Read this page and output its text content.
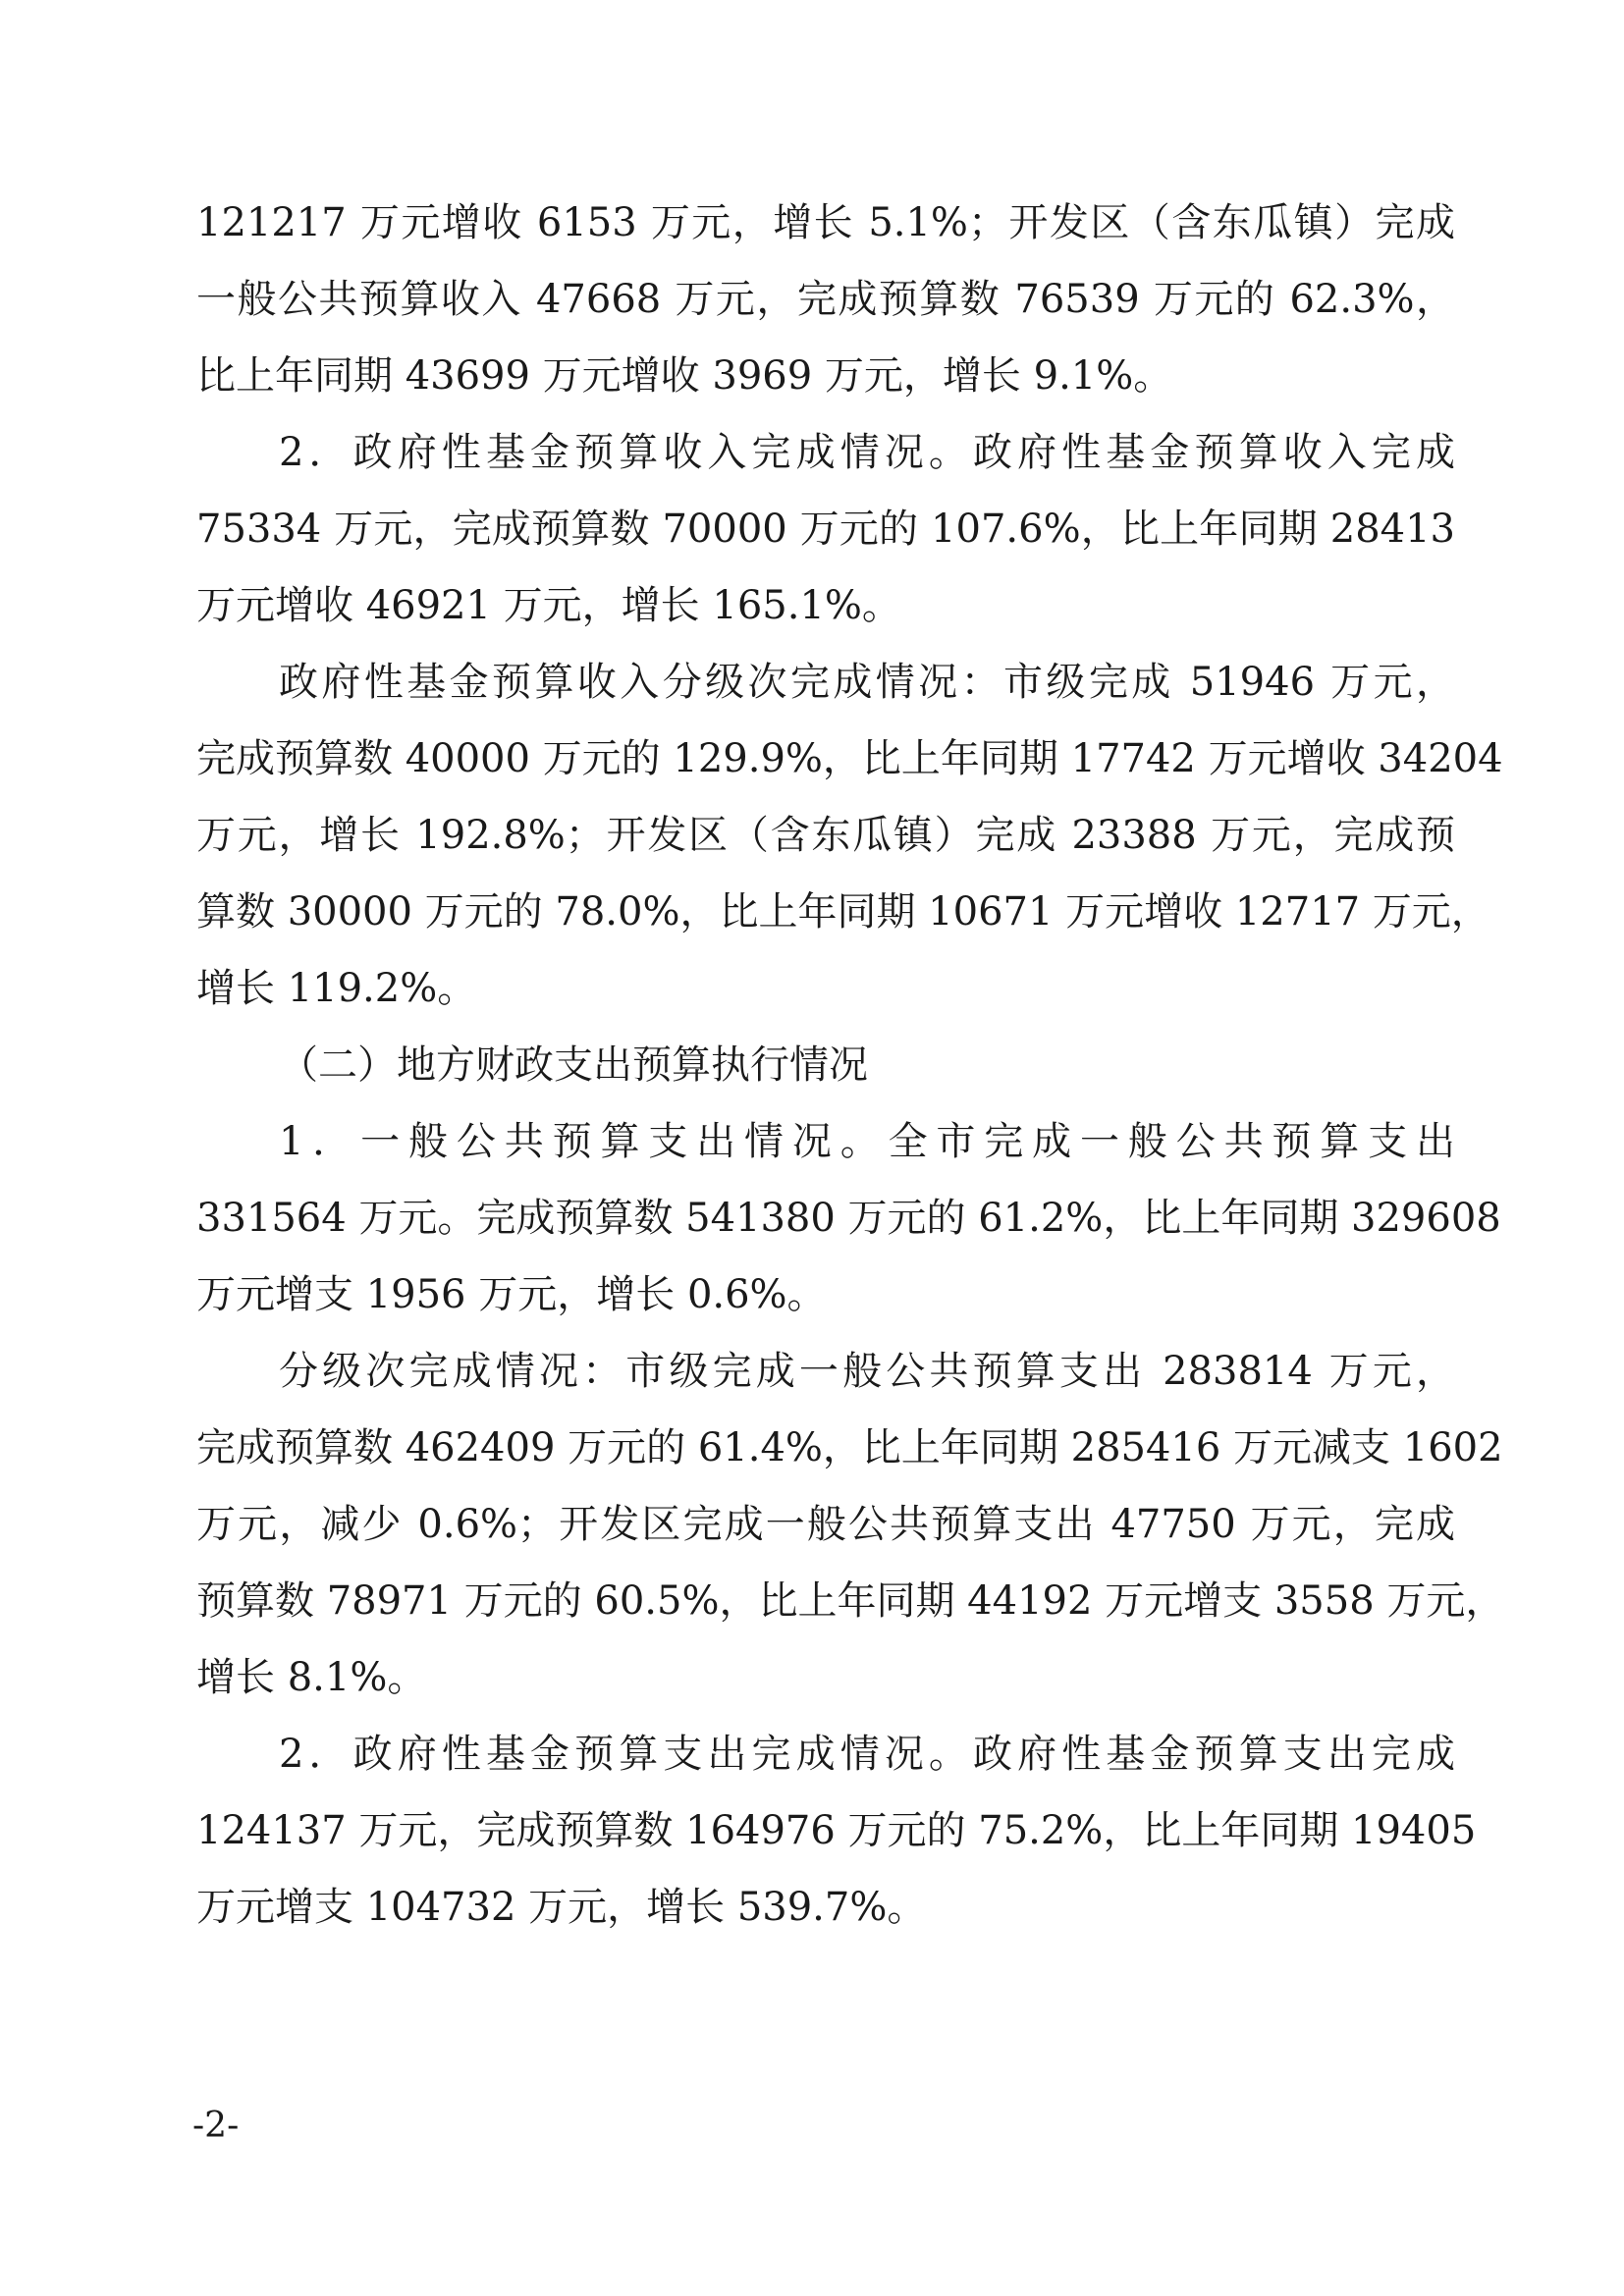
121217 万元增收 6153 万元，增长 5.1%；开发区（含东瓜镇）完成
一般公共预算收入 47668 万元，完成预算数 76539 万元的 62.3%，
比上年同期 43699 万元增收 3969 万元，增长 9.1%。
2．政府性基金预算收入完成情况。政府性基金预算收入完成
75334 万元，完成预算数 70000 万元的 107.6%，比上年同期 28413
万元增收 46921 万元，增长 165.1%。
政府性基金预算收入分级次完成情况：市级完成 51946 万元，
完成预算数 40000 万元的 129.9%，比上年同期 17742 万元增收 34204
万元，增长 192.8%；开发区（含东瓜镇）完成 23388 万元，完成预
算数 30000 万元的 78.0%，比上年同期 10671 万元增收 12717 万元，
增长 119.2%。
（二）地方财政支出预算执行情况
1．一般公共预算支出情况。全市完成一般公共预算支出
331564 万元。完成预算数 541380 万元的 61.2%，比上年同期 329608
万元增支 1956 万元，增长 0.6%。
分级次完成情况：市级完成一般公共预算支出 283814 万元，
完成预算数 462409 万元的 61.4%，比上年同期 285416 万元减支 1602
万元，减少 0.6%；开发区完成一般公共预算支出 47750 万元，完成
预算数 78971 万元的 60.5%，比上年同期 44192 万元增支 3558 万元，
增长 8.1%。
2．政府性基金预算支出完成情况。政府性基金预算支出完成
124137 万元，完成预算数 164976 万元的 75.2%，比上年同期 19405
万元增支 104732 万元，增长 539.7%。
-2-
